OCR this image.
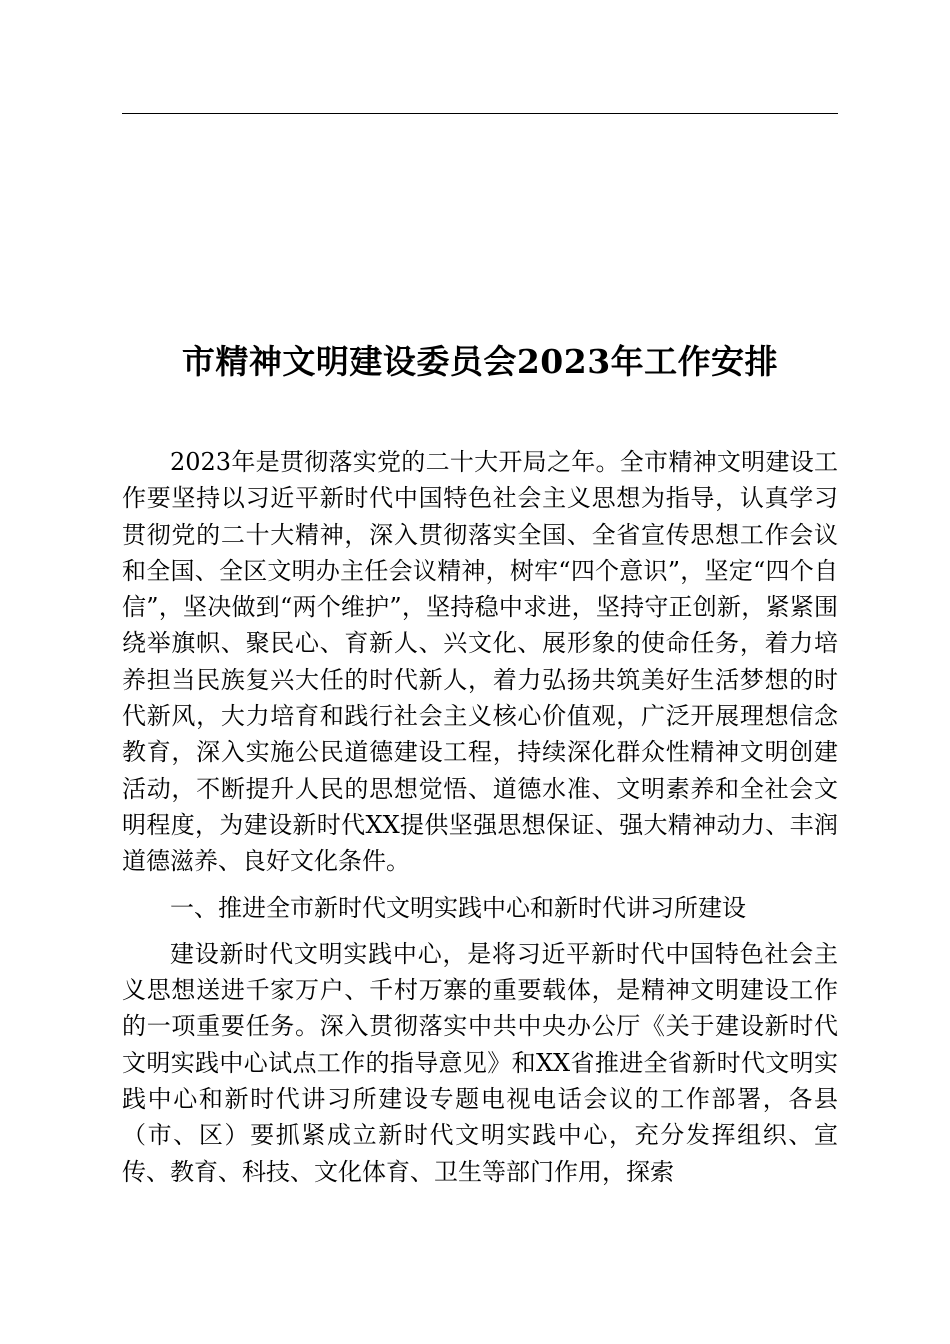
市精神文明建设委员会2023年工作安排

2023年是贯彻落实党的二十大开局之年。全市精神文明建设工作要坚持以习近平新时代中国特色社会主义思想为指导，认真学习贯彻党的二十大精神，深入贯彻落实全国、全省宣传思想工作会议和全国、全区文明办主任会议精神，树牢“四个意识”，坚定“四个自信”，坚决做到“两个维护”，坚持稳中求进，坚持守正创新，紧紧围绕举旗帜、聚民心、育新人、兴文化、展形象的使命任务，着力培养担当民族复兴大任的时代新人，着力弘扬共筑美好生活梦想的时代新风，大力培育和践行社会主义核心价值观，广泛开展理想信念教育，深入实施公民道德建设工程，持续深化群众性精神文明创建活动，不断提升人民的思想觉悟、道德水准、文明素养和全社会文明程度，为建设新时代XX提供坚强思想保证、强大精神动力、丰润道德滋养、良好文化条件。

一、推进全市新时代文明实践中心和新时代讲习所建设

建设新时代文明实践中心，是将习近平新时代中国特色社会主义思想送进千家万户、千村万寨的重要载体，是精神文明建设工作的一项重要任务。深入贯彻落实中共中央办公厅《关于建设新时代文明实践中心试点工作的指导意见》和XX省推进全省新时代文明实践中心和新时代讲习所建设专题电视电话会议的工作部署，各县（市、区）要抓紧成立新时代文明实践中心，充分发挥组织、宣传、教育、科技、文化体育、卫生等部门作用，探索
